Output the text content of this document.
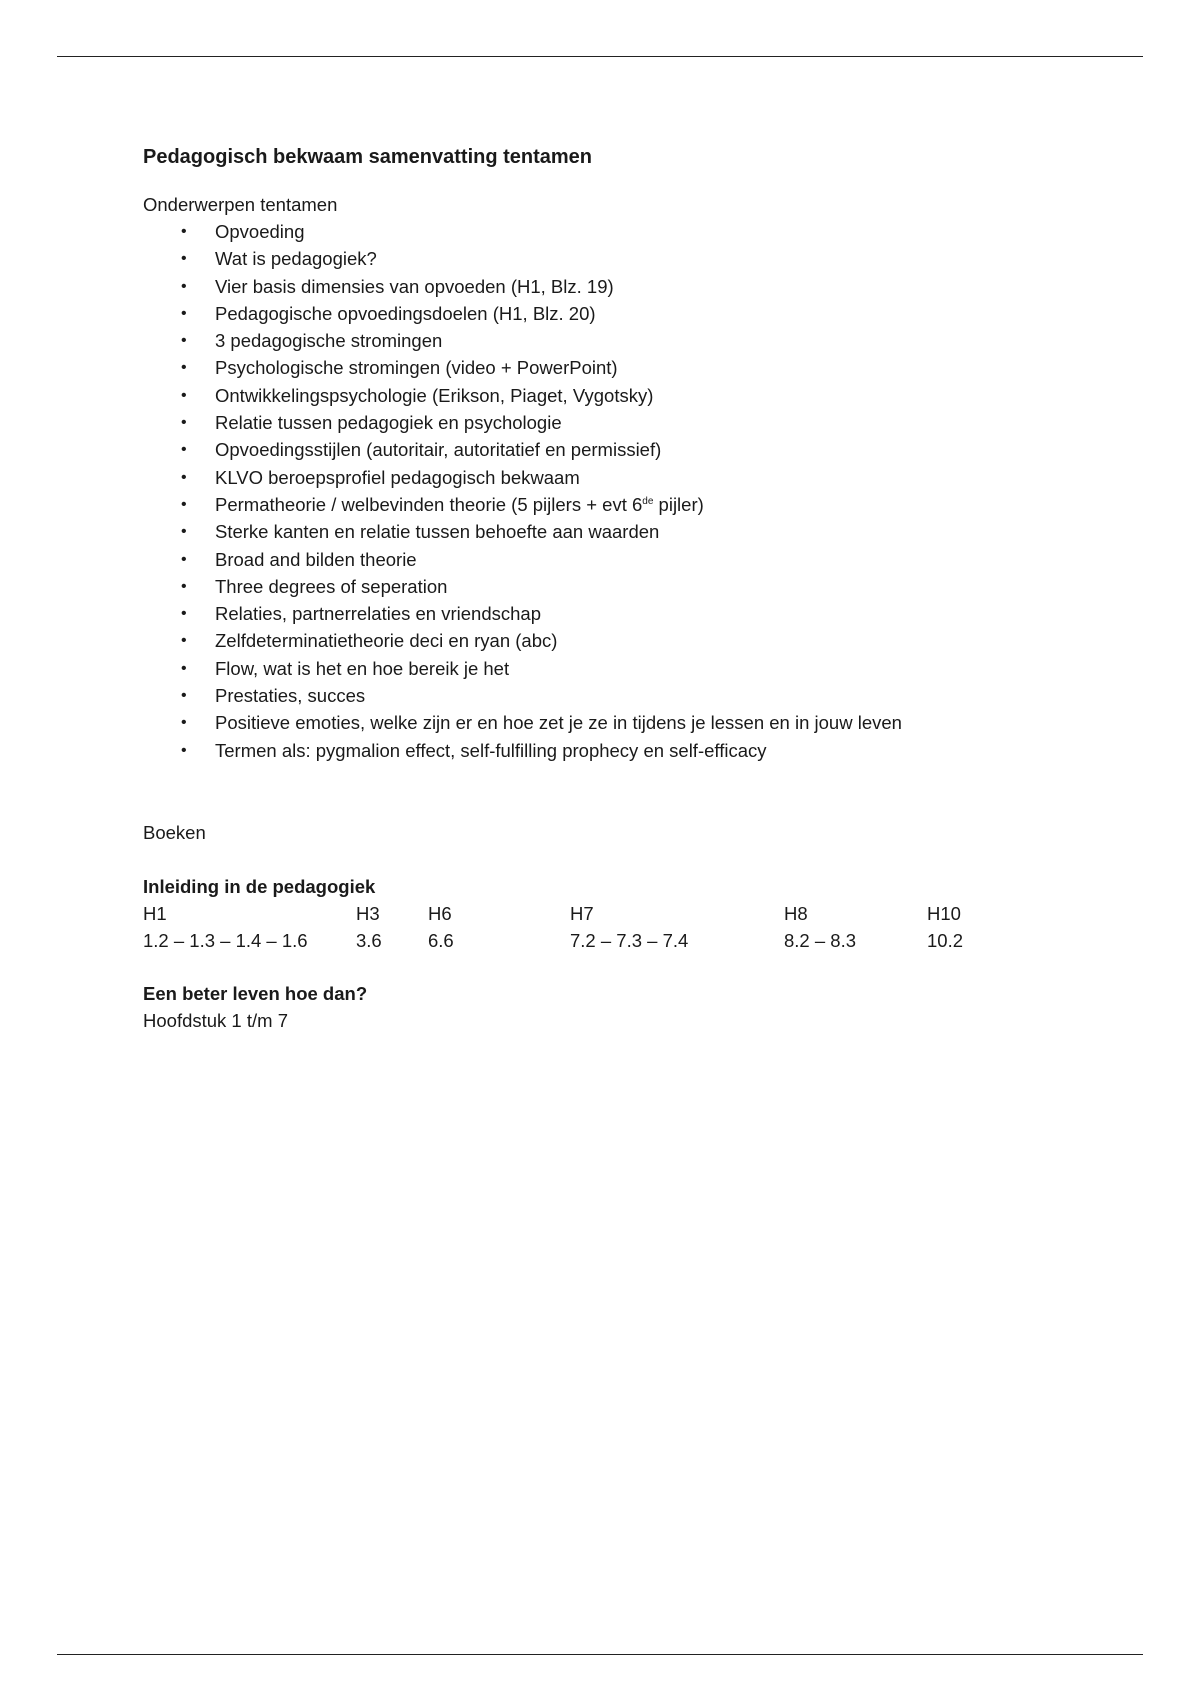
Pedagogisch bekwaam samenvatting tentamen
Onderwerpen tentamen
• Opvoeding
• Wat is pedagogiek?
• Vier basis dimensies van opvoeden (H1, Blz. 19)
• Pedagogische opvoedingsdoelen (H1, Blz. 20)
• 3 pedagogische stromingen
• Psychologische stromingen (video + PowerPoint)
• Ontwikkelingspsychologie (Erikson, Piaget, Vygotsky)
• Relatie tussen pedagogiek en psychologie
• Opvoedingsstijlen (autoritair, autoritatief en permissief)
• KLVO beroepsprofiel pedagogisch bekwaam
• Permatheorie / welbevinden theorie (5 pijlers + evt 6de pijler)
• Sterke kanten en relatie tussen behoefte aan waarden
• Broad and bilden theorie
• Three degrees of seperation
• Relaties, partnerrelaties en vriendschap
• Zelfdeterminatietheorie deci en ryan (abc)
• Flow, wat is het en hoe bereik je het
• Prestaties, succes
• Positieve emoties, welke zijn er en hoe zet je ze in tijdens je lessen en in jouw leven
• Termen als: pygmalion effect, self-fulfilling prophecy en self-efficacy
Boeken
Inleiding in de pedagogiek
H1	H3	H6	H7	H8	H10
1.2 – 1.3 – 1.4 – 1.6	3.6	6.6	7.2 – 7.3 – 7.4	8.2 – 8.3	10.2
Een beter leven hoe dan?
Hoofdstuk 1 t/m 7
